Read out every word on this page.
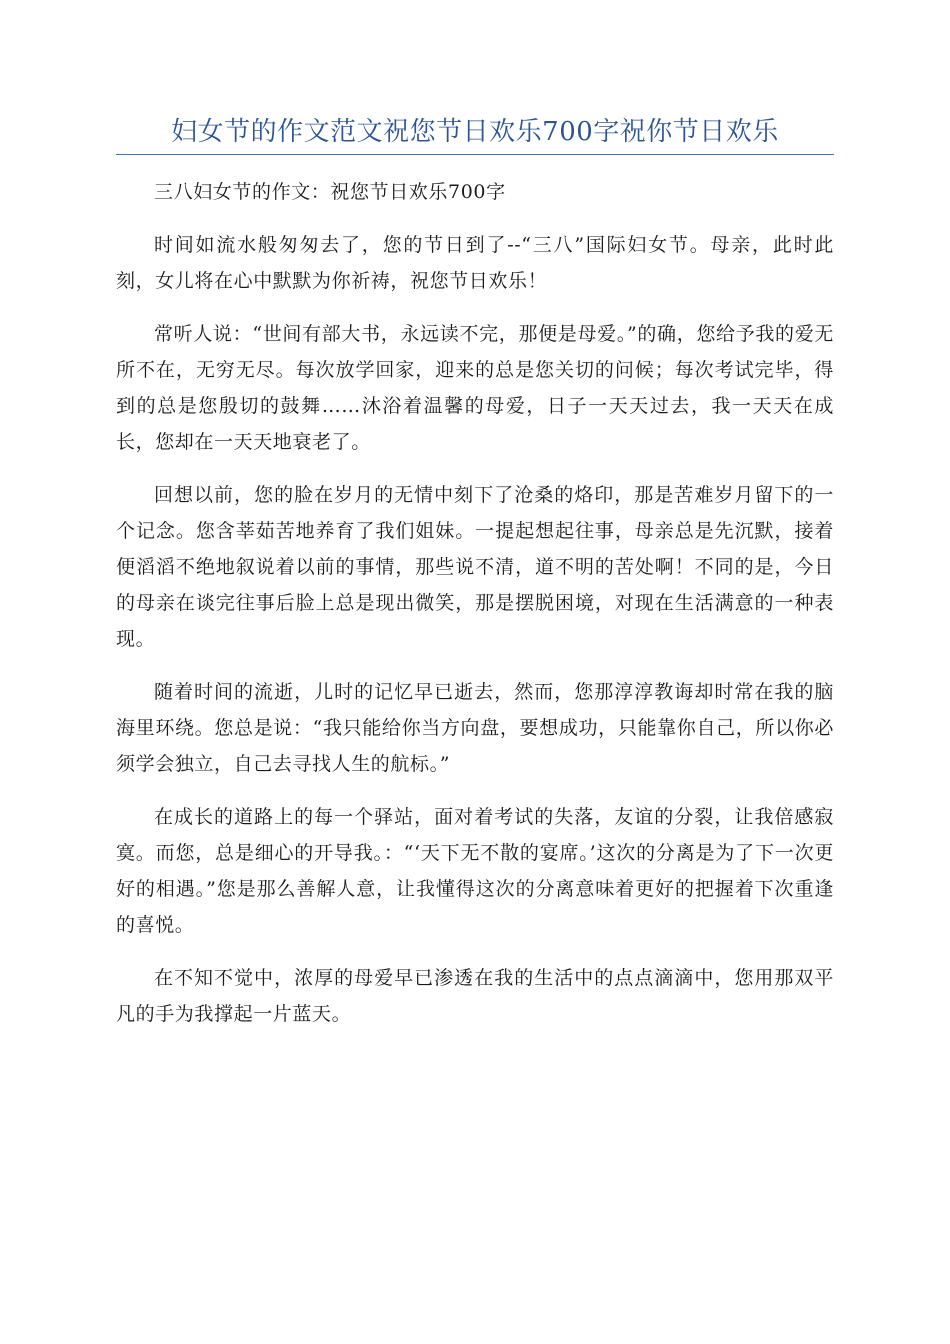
妇女节的作文范文祝您节日欢乐700字祝你节日欢乐

三八妇女节的作文：祝您节日欢乐700字

时间如流水般匆匆去了，您的节日到了--“三八”国际妇女节。母亲，此时此刻，女儿将在心中默默为你祈祷，祝您节日欢乐！

常听人说：“世间有部大书，永远读不完，那便是母爱。”的确，您给予我的爱无所不在，无穷无尽。每次放学回家，迎来的总是您关切的问候；每次考试完毕，得到的总是您殷切的鼓舞……沐浴着温馨的母爱，日子一天天过去，我一天天在成长，您却在一天天地衰老了。

回想以前，您的脸在岁月的无情中刻下了沧桑的烙印，那是苦难岁月留下的一个记念。您含莘茹苦地养育了我们姐妹。一提起想起往事，母亲总是先沉默，接着便滔滔不绝地叙说着以前的事情，那些说不清，道不明的苦处啊！不同的是，今日的母亲在谈完往事后脸上总是现出微笑，那是摆脱困境，对现在生活满意的一种表现。

随着时间的流逝，儿时的记忆早已逝去，然而，您那淳淳教诲却时常在我的脑海里环绕。您总是说：“我只能给你当方向盘，要想成功，只能靠你自己，所以你必须学会独立，自己去寻找人生的航标。”

在成长的道路上的每一个驿站，面对着考试的失落，友谊的分裂，让我倍感寂寞。而您，总是细心的开导我。：“‘天下无不散的宴席。’这次的分离是为了下一次更好的相遇。”您是那么善解人意，让我懂得这次的分离意味着更好的把握着下次重逢的喜悦。

在不知不觉中，浓厚的母爱早已渗透在我的生活中的点点滴滴中，您用那双平凡的手为我撑起一片蓝天。
